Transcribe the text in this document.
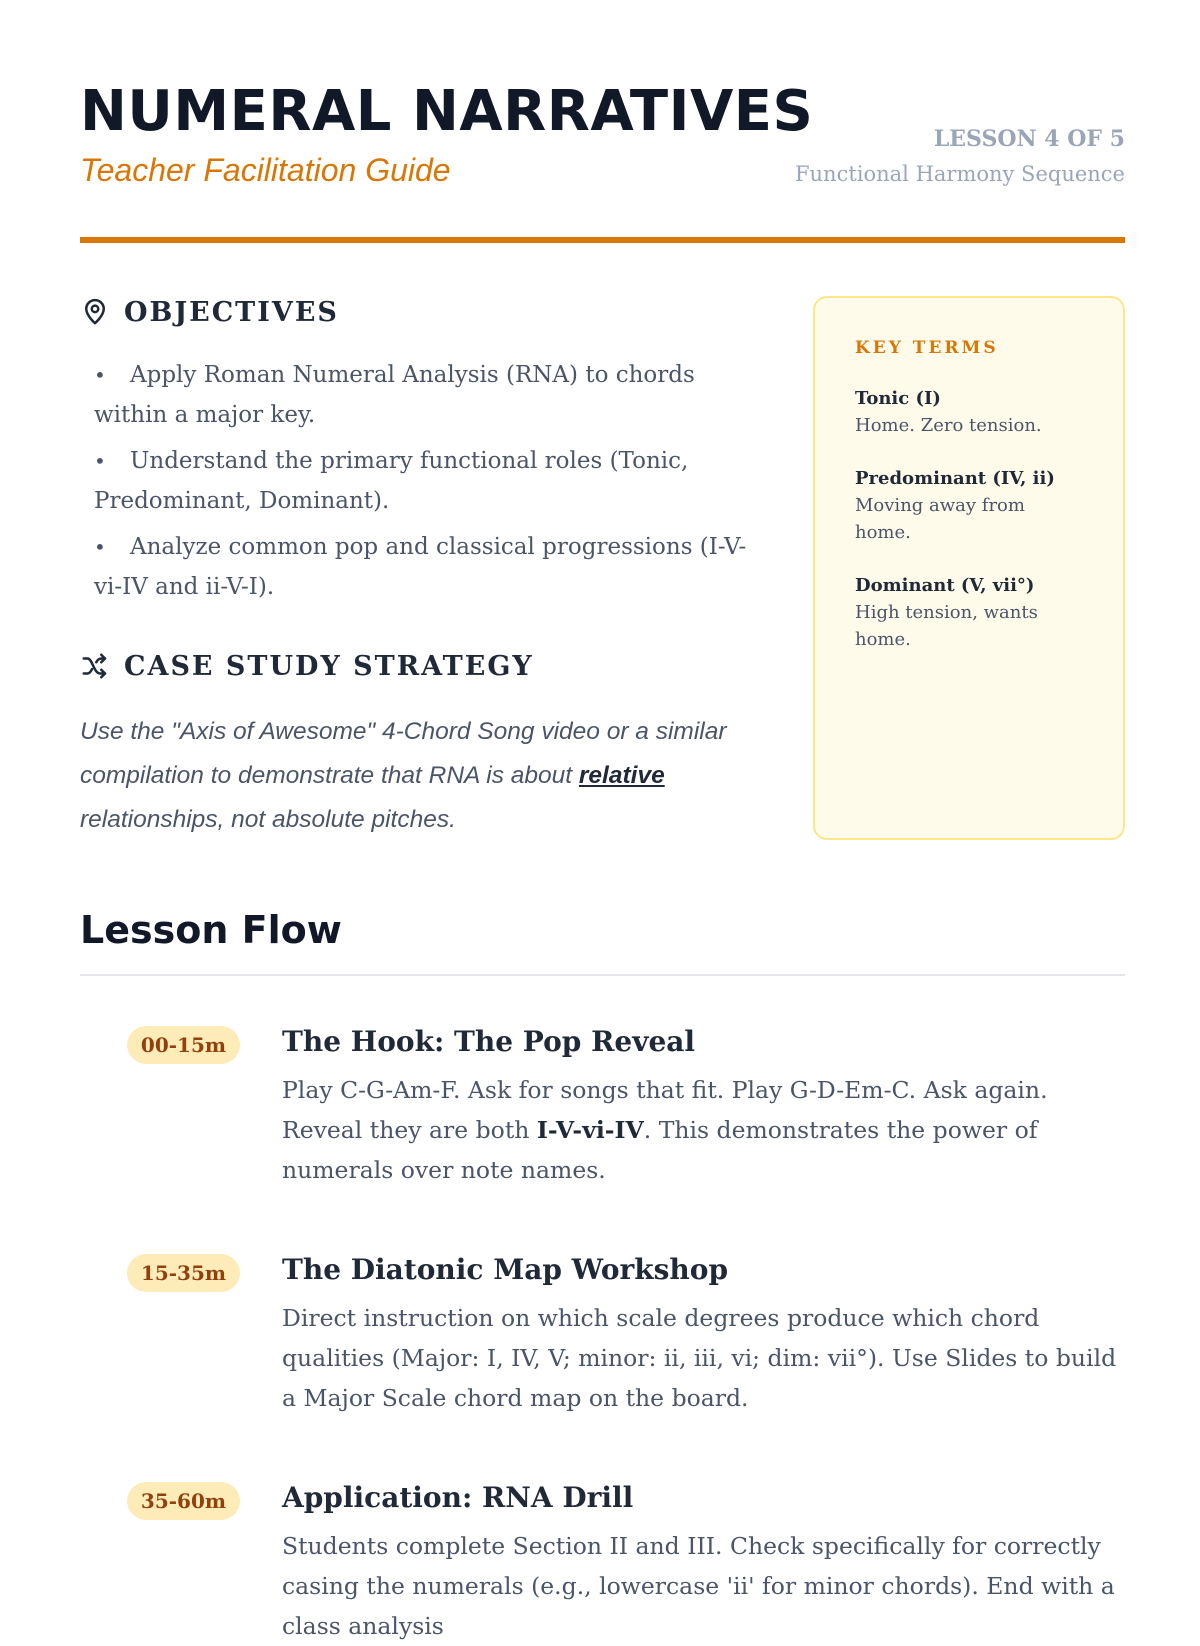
NUMERAL NARRATIVES
Teacher Facilitation Guide
LESSON 4 OF 5
Functional Harmony Sequence
OBJECTIVES
• Apply Roman Numeral Analysis (RNA) to chords within a major key.
• Understand the primary functional roles (Tonic, Predominant, Dominant).
• Analyze common pop and classical progressions (I-V-vi-IV and ii-V-I).
CASE STUDY STRATEGY
Use the "Axis of Awesome" 4-Chord Song video or a similar compilation to demonstrate that RNA is about relative relationships, not absolute pitches.
KEY TERMS
Tonic (I)
Home. Zero tension.
Predominant (IV, ii)
Moving away from home.
Dominant (V, vii°)
High tension, wants home.
Lesson Flow
00-15m	The Hook: The Pop Reveal

Play C-G-Am-F. Ask for songs that fit. Play G-D-Em-C. Ask again. Reveal they are both I-V-vi-IV. This demonstrates the power of numerals over note names.

15-35m	The Diatonic Map Workshop

Direct instruction on which scale degrees produce which chord qualities (Major: I, IV, V; minor: ii, iii, vi; dim: vii°). Use Slides to build a Major Scale chord map on the board.

35-60m	Application: RNA Drill

Students complete Section II and III. Check specifically for correctly casing the numerals (e.g., lowercase 'ii' for minor chords). End with a class analysis
